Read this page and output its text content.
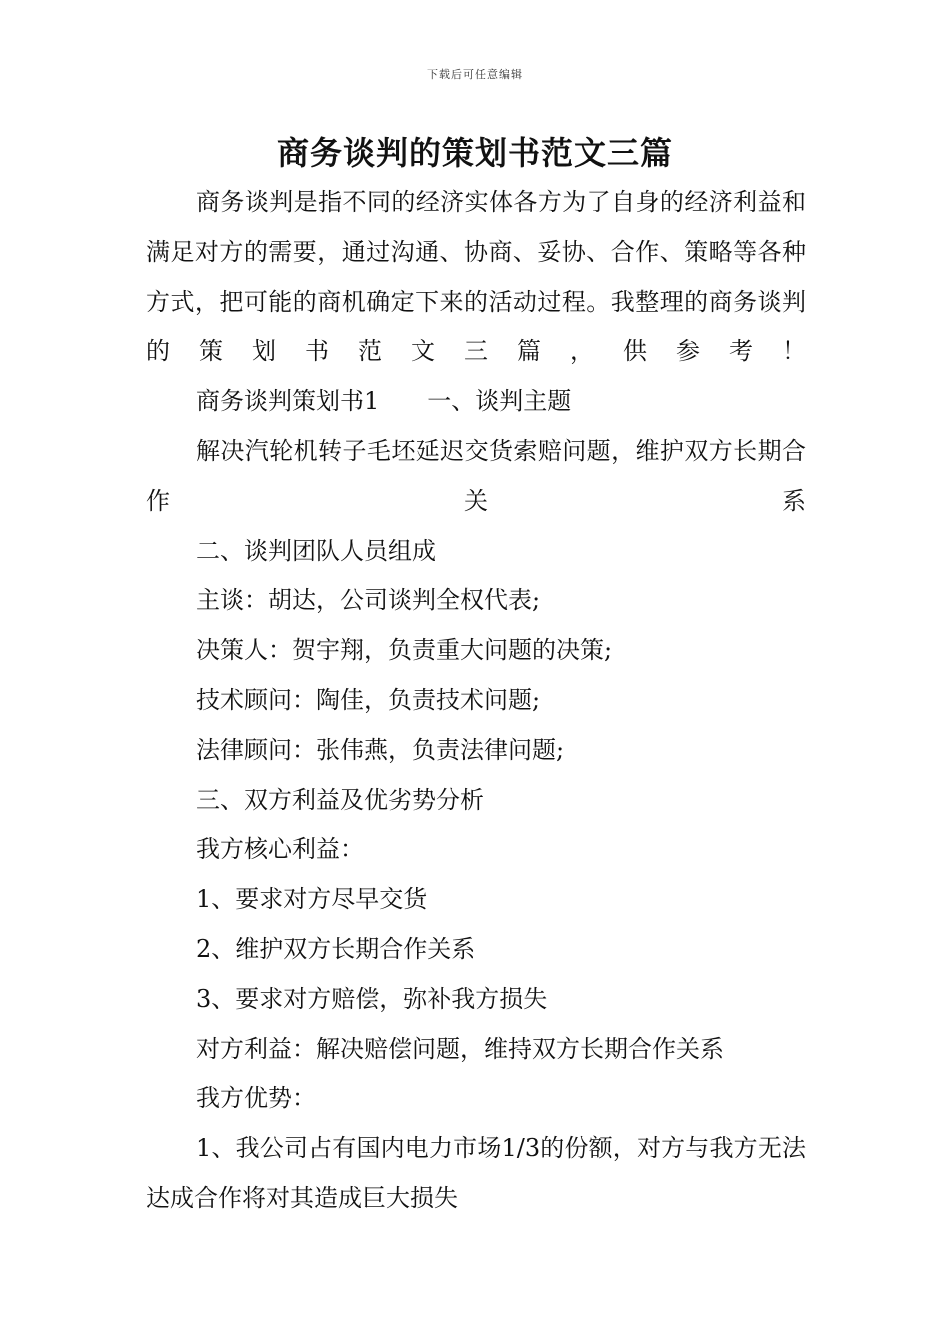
下载后可任意编辑
商务谈判的策划书范文三篇

商务谈判是指不同的经济实体各方为了自身的经济利益和满足对方的需要，通过沟通、协商、妥协、合作、策略等各种方式，把可能的商机确定下来的活动过程。我整理的商务谈判的策划书范文三篇，供参考！

商务谈判策划书1　　一、谈判主题

解决汽轮机转子毛坯延迟交货索赔问题，维护双方长期合作关系

二、谈判团队人员组成

主谈：胡达，公司谈判全权代表;

决策人：贺宇翔，负责重大问题的决策;

技术顾问：陶佳，负责技术问题;

法律顾问：张伟燕，负责法律问题;

三、双方利益及优劣势分析

我方核心利益：

1、要求对方尽早交货

2、维护双方长期合作关系

3、要求对方赔偿，弥补我方损失

对方利益：解决赔偿问题，维持双方长期合作关系

我方优势：

1、我公司占有国内电力市场1/3的份额，对方与我方无法达成合作将对其造成巨大损失
